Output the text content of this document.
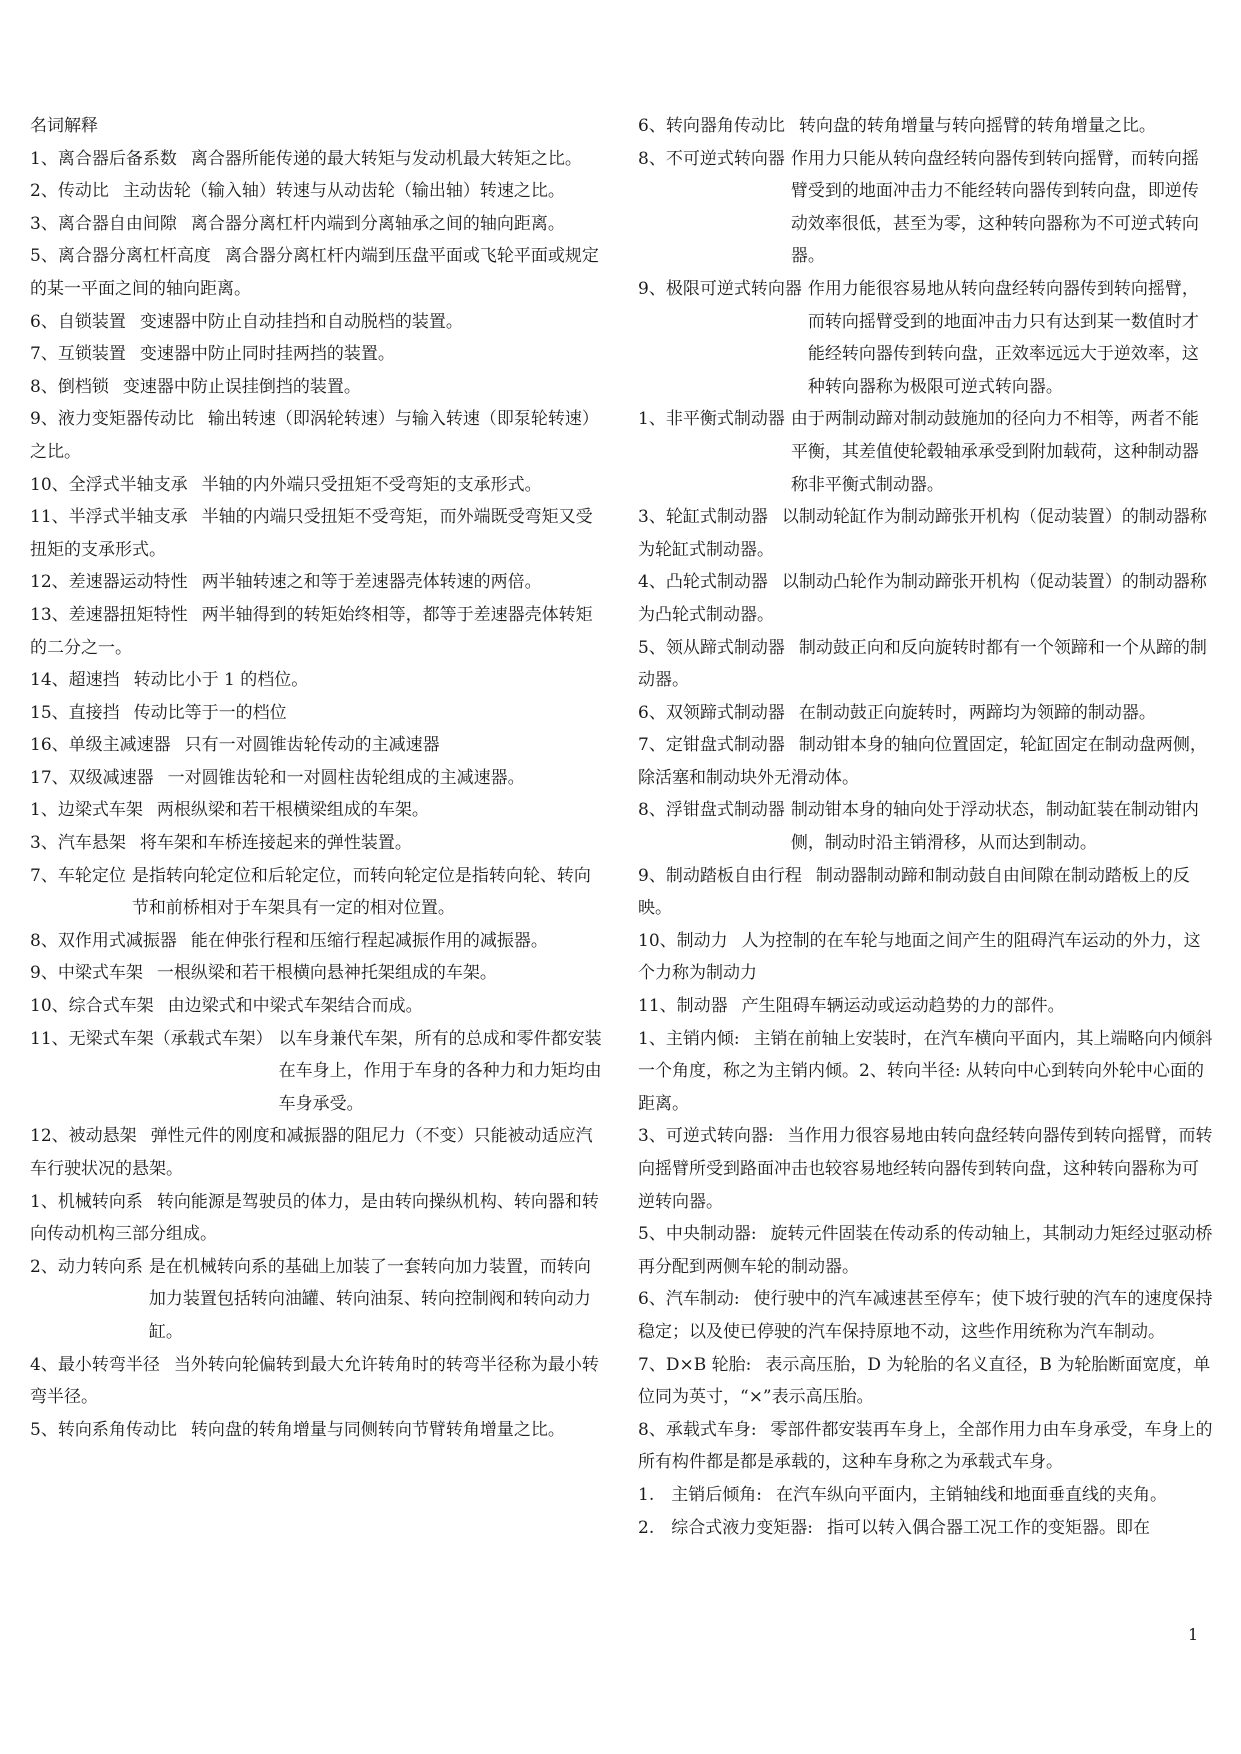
名词解释

1、离合器后备系数 离合器所能传递的最大转矩与发动机最大转矩之比。

2、传动比 主动齿轮（输入轴）转速与从动齿轮（输出轴）转速之比。

3、离合器自由间隙 离合器分离杠杆内端到分离轴承之间的轴向距离。

5、离合器分离杠杆高度 离合器分离杠杆内端到压盘平面或飞轮平面或规定的某一平面之间的轴向距离。

6、自锁装置 变速器中防止自动挂挡和自动脱档的装置。

7、互锁装置 变速器中防止同时挂两挡的装置。

8、倒档锁 变速器中防止误挂倒挡的装置。

9、液力变矩器传动比 输出转速（即涡轮转速）与输入转速（即泵轮转速）之比。

10、全浮式半轴支承 半轴的内外端只受扭矩不受弯矩的支承形式。

11、半浮式半轴支承 半轴的内端只受扭矩不受弯矩，而外端既受弯矩又受扭矩的支承形式。

12、差速器运动特性 两半轴转速之和等于差速器壳体转速的两倍。

13、差速器扭矩特性 两半轴得到的转矩始终相等，都等于差速器壳体转矩的二分之一。

14、超速挡 转动比小于 1 的档位。

15、直接挡 传动比等于一的档位

16、单级主减速器 只有一对圆锥齿轮传动的主减速器

17、双级减速器 一对圆锥齿轮和一对圆柱齿轮组成的主减速器。

1、边梁式车架 两根纵梁和若干根横梁组成的车架。

3、汽车悬架 将车架和车桥连接起来的弹性装置。

7、车轮定位 是指转向轮定位和后轮定位，而转向轮定位是指转向轮、转向节和前桥相对于车架具有一定的相对位置。

8、双作用式减振器 能在伸张行程和压缩行程起减振作用的减振器。

9、中梁式车架 一根纵梁和若干根横向悬神托架组成的车架。

10、综合式车架 由边梁式和中梁式车架结合而成。

11、无梁式车架（承载式车架） 以车身兼代车架，所有的总成和零件都安装在车身上，作用于车身的各种力和力矩均由车身承受。

12、被动悬架 弹性元件的刚度和减振器的阻尼力（不变）只能被动适应汽车行驶状况的悬架。

1、机械转向系 转向能源是驾驶员的体力，是由转向操纵机构、转向器和转向传动机构三部分组成。

2、动力转向系 是在机械转向系的基础上加装了一套转向加力装置，而转向加力装置包括转向油罐、转向油泵、转向控制阀和转向动力缸。

4、最小转弯半径 当外转向轮偏转到最大允许转角时的转弯半径称为最小转弯半径。

5、转向系角传动比 转向盘的转角增量与同侧转向节臂转角增量之比。

6、转向器角传动比 转向盘的转角增量与转向摇臂的转角增量之比。

8、不可逆式转向器 作用力只能从转向盘经转向器传到转向摇臂，而转向摇臂受到的地面冲击力不能经转向器传到转向盘，即逆传动效率很低，甚至为零，这种转向器称为不可逆式转向器。

9、极限可逆式转向器 作用力能很容易地从转向盘经转向器传到转向摇臂，而转向摇臂受到的地面冲击力只有达到某一数值时才能经转向器传到转向盘，正效率远远大于逆效率，这种转向器称为极限可逆式转向器。

1、非平衡式制动器 由于两制动蹄对制动鼓施加的径向力不相等，两者不能平衡，其差值使轮毂轴承承受到附加载荷，这种制动器称非平衡式制动器。

3、轮缸式制动器 以制动轮缸作为制动蹄张开机构（促动装置）的制动器称为轮缸式制动器。

4、凸轮式制动器 以制动凸轮作为制动蹄张开机构（促动装置）的制动器称为凸轮式制动器。

5、领从蹄式制动器 制动鼓正向和反向旋转时都有一个领蹄和一个从蹄的制动器。

6、双领蹄式制动器 在制动鼓正向旋转时，两蹄均为领蹄的制动器。

7、定钳盘式制动器 制动钳本身的轴向位置固定，轮缸固定在制动盘两侧，除活塞和制动块外无滑动体。

8、浮钳盘式制动器 制动钳本身的轴向处于浮动状态，制动缸装在制动钳内侧，制动时沿主销滑移，从而达到制动。

9、制动踏板自由行程 制动器制动蹄和制动鼓自由间隙在制动踏板上的反映。

10、制动力 人为控制的在车轮与地面之间产生的阻碍汽车运动的外力，这个力称为制动力

11、制动器 产生阻碍车辆运动或运动趋势的力的部件。

1、主销内倾: 主销在前轴上安装时，在汽车横向平面内，其上端略向内倾斜一个角度，称之为主销内倾。2、转向半径: 从转向中心到转向外轮中心面的距离。

3、可逆式转向器: 当作用力很容易地由转向盘经转向器传到转向摇臂，而转向摇臂所受到路面冲击也较容易地经转向器传到转向盘，这种转向器称为可逆转向器。

5、中央制动器: 旋转元件固装在传动系的传动轴上，其制动力矩经过驱动桥再分配到两侧车轮的制动器。

6、汽车制动: 使行驶中的汽车减速甚至停车；使下坡行驶的汽车的速度保持稳定；以及使已停驶的汽车保持原地不动，这些作用统称为汽车制动。

7、D×B 轮胎: 表示高压胎，D 为轮胎的名义直径，B 为轮胎断面宽度，单位同为英寸，“×”表示高压胎。

8、承载式车身: 零部件都安装再车身上，全部作用力由车身承受，车身上的所有构件都是都是承载的，这种车身称之为承载式车身。

1.　主销后倾角: 在汽车纵向平面内，主销轴线和地面垂直线的夹角。

2.　综合式液力变矩器: 指可以转入偶合器工况工作的变矩器。即在

1
